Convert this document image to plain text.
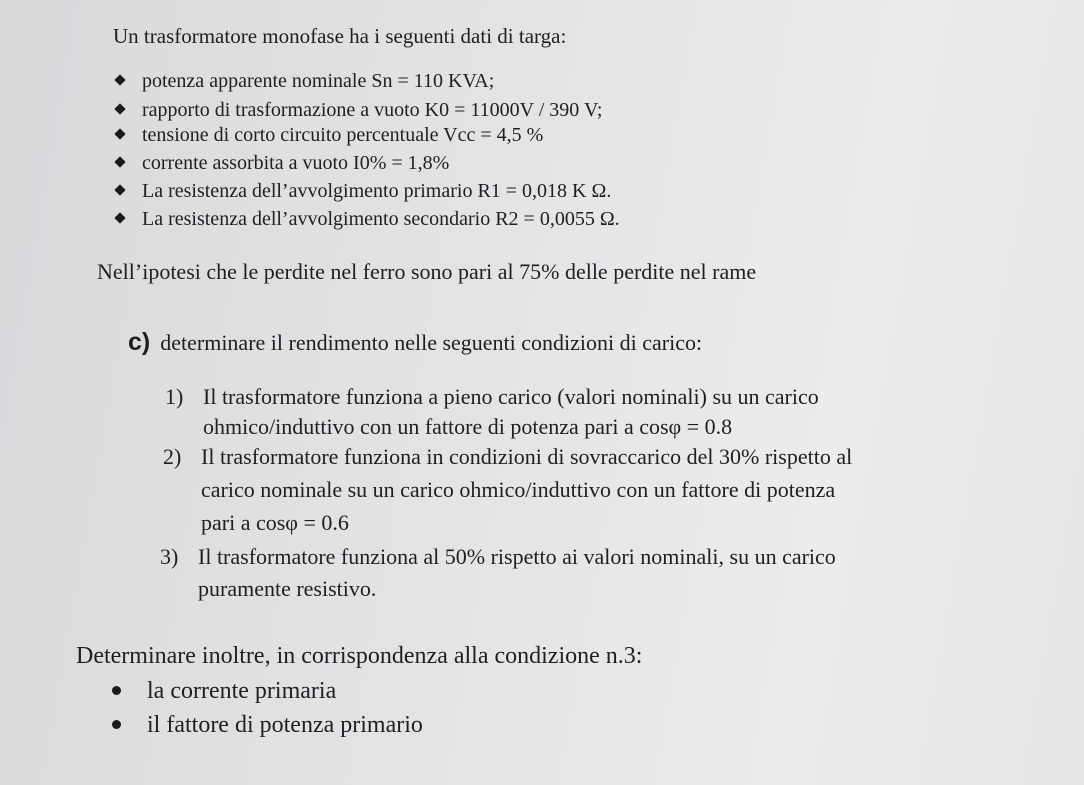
Un trasformatore monofase ha i seguenti dati di targa:
potenza apparente nominale Sn = 110 KVA;
rapporto di trasformazione a vuoto K0 = 11000V / 390 V;
tensione di corto circuito percentuale Vcc = 4,5 %
corrente assorbita a vuoto I0% = 1,8%
La resistenza dell’avvolgimento primario R1 = 0,018 K Ω.
La resistenza dell’avvolgimento secondario R2 = 0,0055 Ω.
Nell’ipotesi che le perdite nel ferro sono pari al 75% delle perdite nel rame
c) determinare il rendimento nelle seguenti condizioni di carico:
1) Il trasformatore funziona a pieno carico (valori nominali) su un carico
ohmico/induttivo con un fattore di potenza pari a cosφ = 0.8
2) Il trasformatore funziona in condizioni di sovraccarico del 30% rispetto al
carico nominale su un carico ohmico/induttivo con un fattore di potenza
pari a cosφ = 0.6
3) Il trasformatore funziona al 50% rispetto ai valori nominali, su un carico
puramente resistivo.
Determinare inoltre, in corrispondenza alla condizione n.3:
la corrente primaria
il fattore di potenza primario
